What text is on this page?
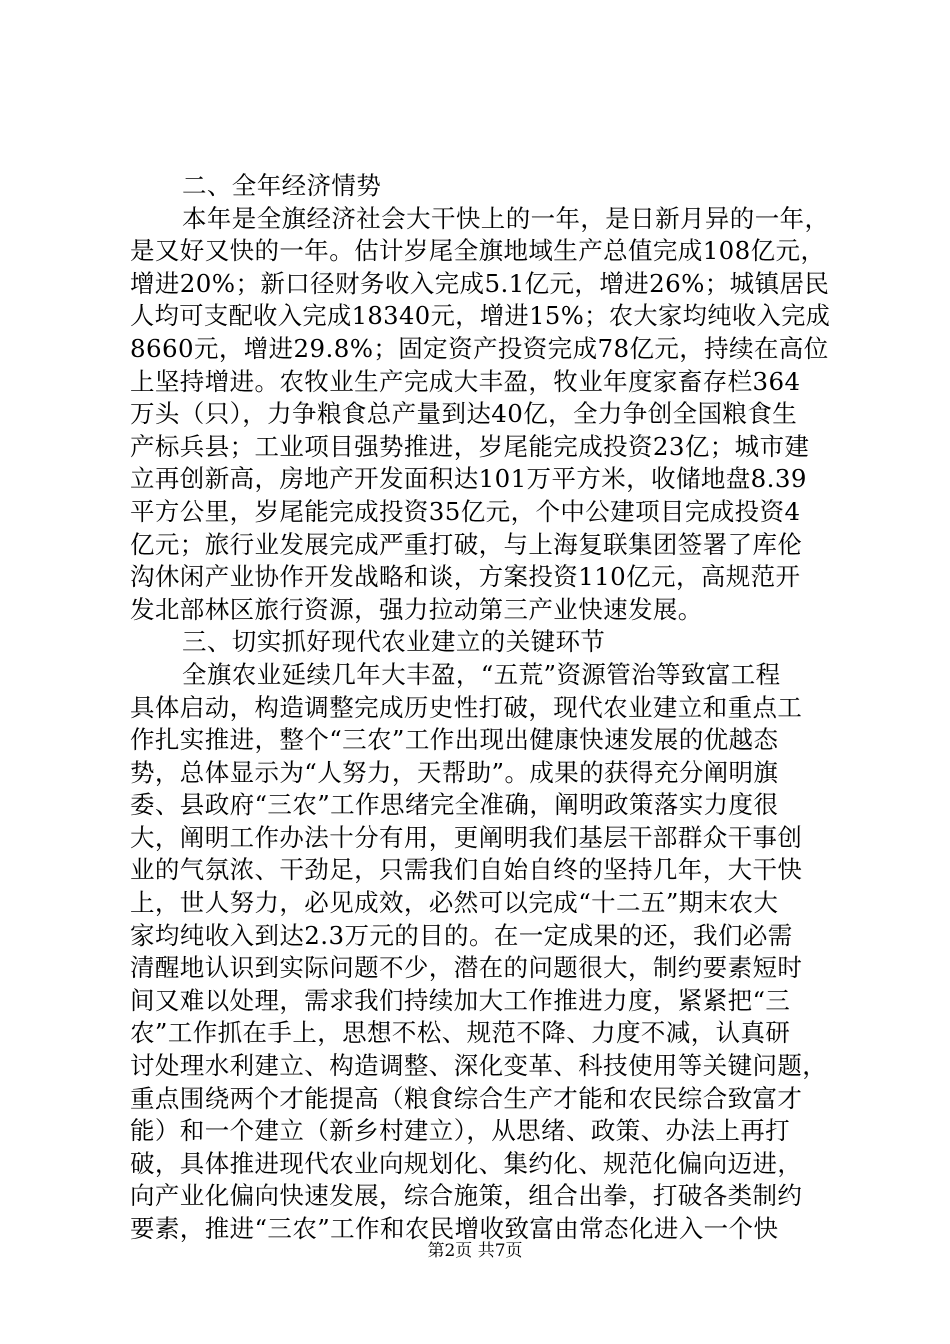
二、全年经济情势
本年是全旗经济社会大干快上的一年，是日新月异的一年，
是又好又快的一年。估计岁尾全旗地域生产总值完成108亿元，
增进20%；新口径财务收入完成5.1亿元，增进26%；城镇居民
人均可支配收入完成18340元，增进15%；农大家均纯收入完成
8660元，增进29.8%；固定资产投资完成78亿元，持续在高位
上坚持增进。农牧业生产完成大丰盈，牧业年度家畜存栏364
万头（只），力争粮食总产量到达40亿，全力争创全国粮食生
产标兵县；工业项目强势推进，岁尾能完成投资23亿；城市建
立再创新高，房地产开发面积达101万平方米，收储地盘8.39
平方公里，岁尾能完成投资35亿元，个中公建项目完成投资4
亿元；旅行业发展完成严重打破，与上海复联集团签署了库伦
沟休闲产业协作开发战略和谈，方案投资110亿元，高规范开
发北部林区旅行资源，强力拉动第三产业快速发展。
三、切实抓好现代农业建立的关键环节
全旗农业延续几年大丰盈，“五荒”资源管治等致富工程
具体启动，构造调整完成历史性打破，现代农业建立和重点工
作扎实推进，整个“三农”工作出现出健康快速发展的优越态
势，总体显示为“人努力，天帮助”。成果的获得充分阐明旗
委、县政府“三农”工作思绪完全准确，阐明政策落实力度很
大，阐明工作办法十分有用，更阐明我们基层干部群众干事创
业的气氛浓、干劲足，只需我们自始自终的坚持几年，大干快
上，世人努力，必见成效，必然可以完成“十二五”期末农大
家均纯收入到达2.3万元的目的。在一定成果的还，我们必需
清醒地认识到实际问题不少，潜在的问题很大，制约要素短时
间又难以处理，需求我们持续加大工作推进力度，紧紧把“三
农”工作抓在手上，思想不松、规范不降、力度不减，认真研
讨处理水利建立、构造调整、深化变革、科技使用等关键问题，
重点围绕两个才能提高（粮食综合生产才能和农民综合致富才
能）和一个建立（新乡村建立），从思绪、政策、办法上再打
破，具体推进现代农业向规划化、集约化、规范化偏向迈进，
向产业化偏向快速发展，综合施策，组合出拳，打破各类制约
要素，推进“三农”工作和农民增收致富由常态化进入一个快
第2页 共7页
